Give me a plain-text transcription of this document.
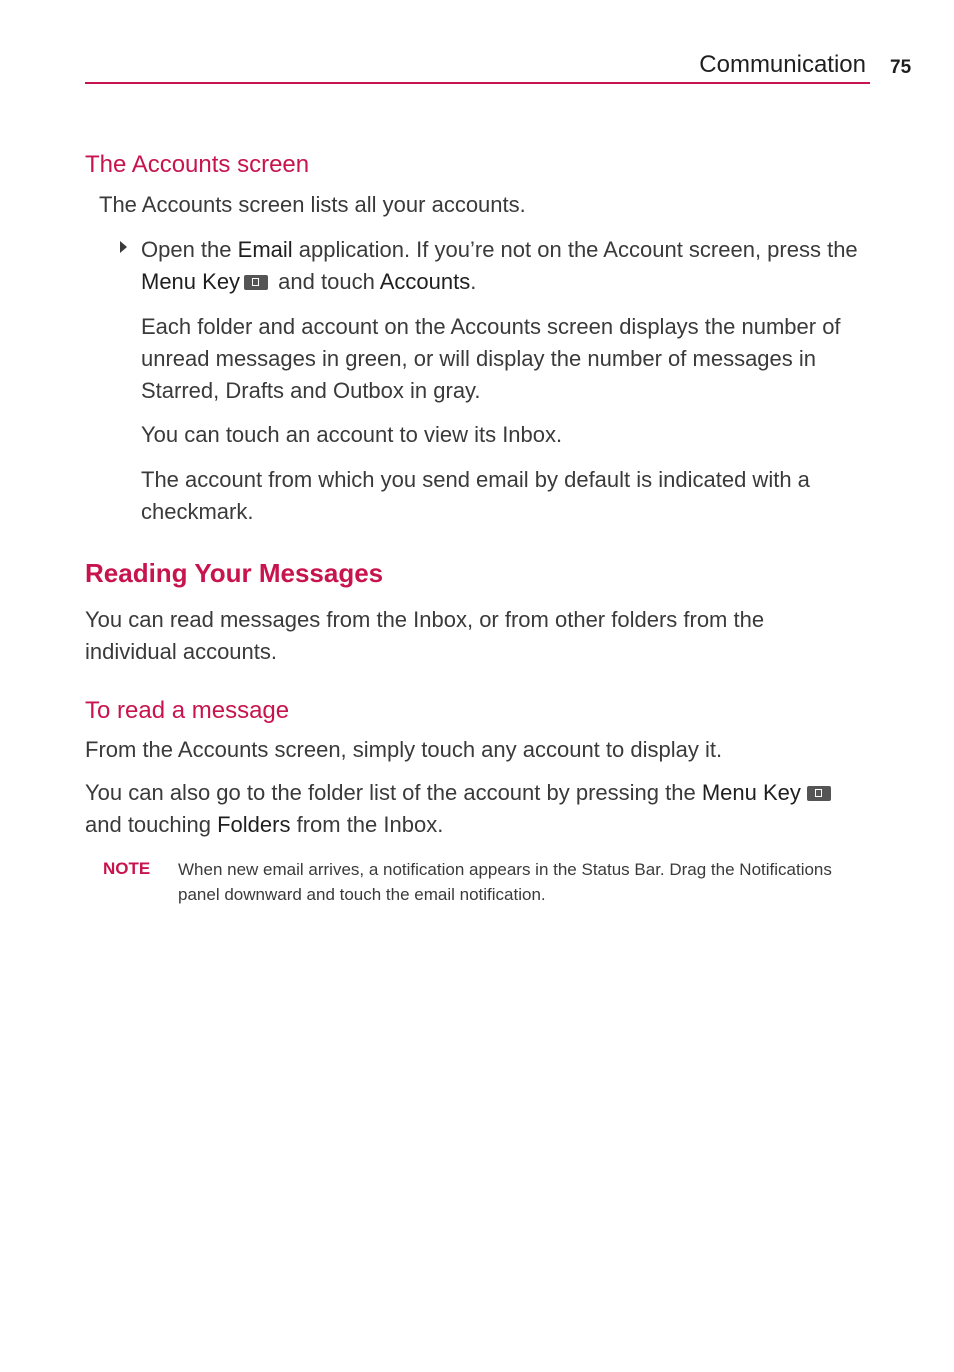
Communication 75
The Accounts screen

The Accounts screen lists all your accounts.

Open the Email application. If you’re not on the Account screen, press the Menu Key and touch Accounts.

Each folder and account on the Accounts screen displays the number of unread messages in green, or will display the number of messages in Starred, Drafts and Outbox in gray.

You can touch an account to view its Inbox.

The account from which you send email by default is indicated with a checkmark.

Reading Your Messages

You can read messages from the Inbox, or from other folders from the individual accounts.

To read a message

From the Accounts screen, simply touch any account to display it.

You can also go to the folder list of the account by pressing the Menu Key  and touching Folders from the Inbox.

NOTE When new email arrives, a notification appears in the Status Bar. Drag the Notifications panel downward and touch the email notification.
